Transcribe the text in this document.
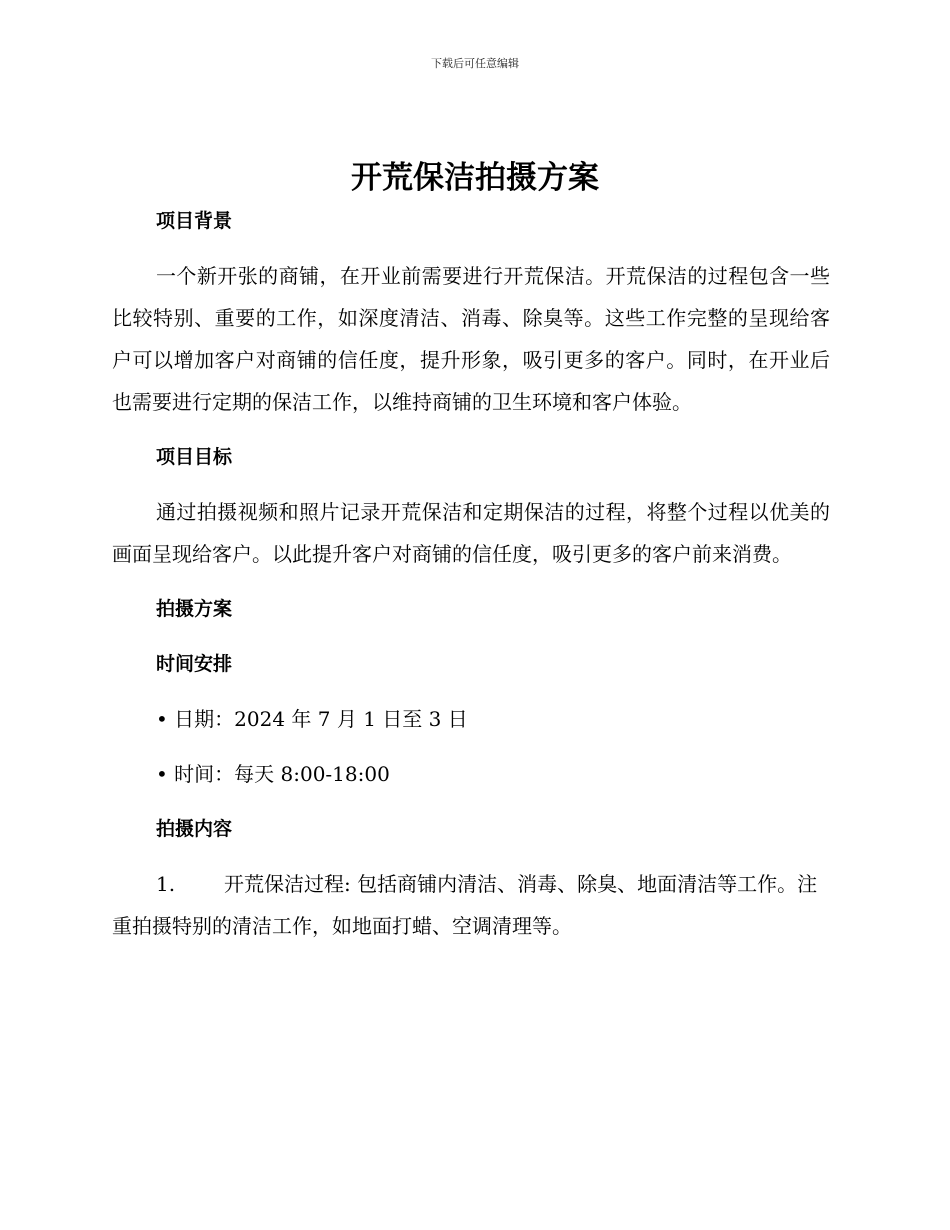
下载后可任意编辑
开荒保洁拍摄方案

项目背景

一个新开张的商铺，在开业前需要进行开荒保洁。开荒保洁的过程包含一些比较特别、重要的工作，如深度清洁、消毒、除臭等。这些工作完整的呈现给客户可以增加客户对商铺的信任度，提升形象，吸引更多的客户。同时，在开业后也需要进行定期的保洁工作，以维持商铺的卫生环境和客户体验。

项目目标

通过拍摄视频和照片记录开荒保洁和定期保洁的过程，将整个过程以优美的画面呈现给客户。以此提升客户对商铺的信任度，吸引更多的客户前来消费。

拍摄方案

时间安排

• 日期：2024 年 7 月 1 日至 3 日

• 时间：每天 8:00-18:00

拍摄内容

1. 开荒保洁过程: 包括商铺内清洁、消毒、除臭、地面清洁等工作。注重拍摄特别的清洁工作，如地面打蜡、空调清理等。
